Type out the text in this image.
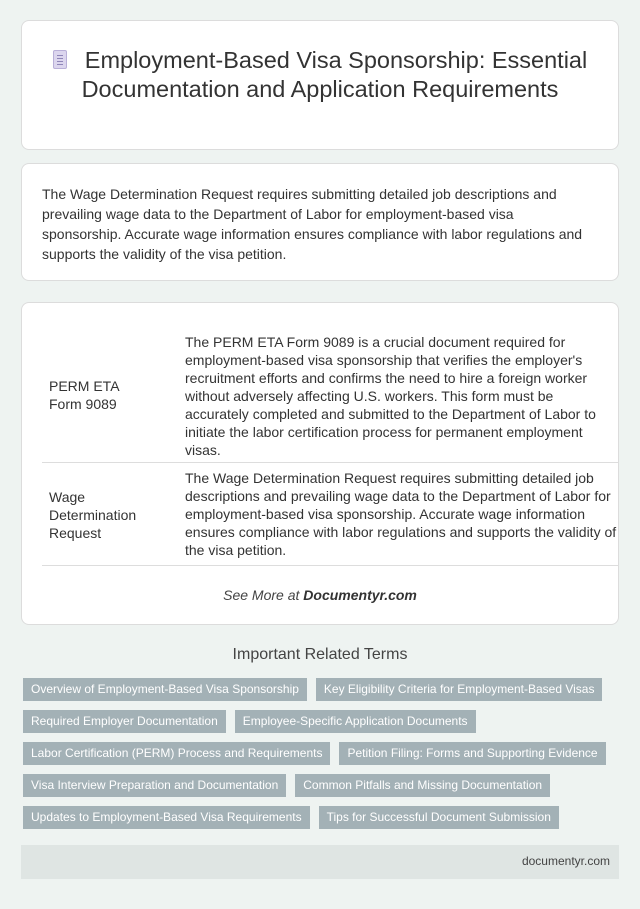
Employment-Based Visa Sponsorship: Essential Documentation and Application Requirements

The Wage Determination Request requires submitting detailed job descriptions and prevailing wage data to the Department of Labor for employment-based visa sponsorship. Accurate wage information ensures compliance with labor regulations and supports the validity of the visa petition.

PERM ETA Form 9089
The PERM ETA Form 9089 is a crucial document required for employment-based visa sponsorship that verifies the employer's recruitment efforts and confirms the need to hire a foreign worker without adversely affecting U.S. workers. This form must be accurately completed and submitted to the Department of Labor to initiate the labor certification process for permanent employment visas.
Wage Determination Request
The Wage Determination Request requires submitting detailed job descriptions and prevailing wage data to the Department of Labor for employment-based visa sponsorship. Accurate wage information ensures compliance with labor regulations and supports the validity of the visa petition.
See More at Documentyr.com
Important Related Terms
Overview of Employment-Based Visa Sponsorship	Key Eligibility Criteria for Employment-Based Visas
Required Employer Documentation	Employee-Specific Application Documents
Labor Certification (PERM) Process and Requirements	Petition Filing: Forms and Supporting Evidence
Visa Interview Preparation and Documentation	Common Pitfalls and Missing Documentation
Updates to Employment-Based Visa Requirements	Tips for Successful Document Submission
documentyr.com
